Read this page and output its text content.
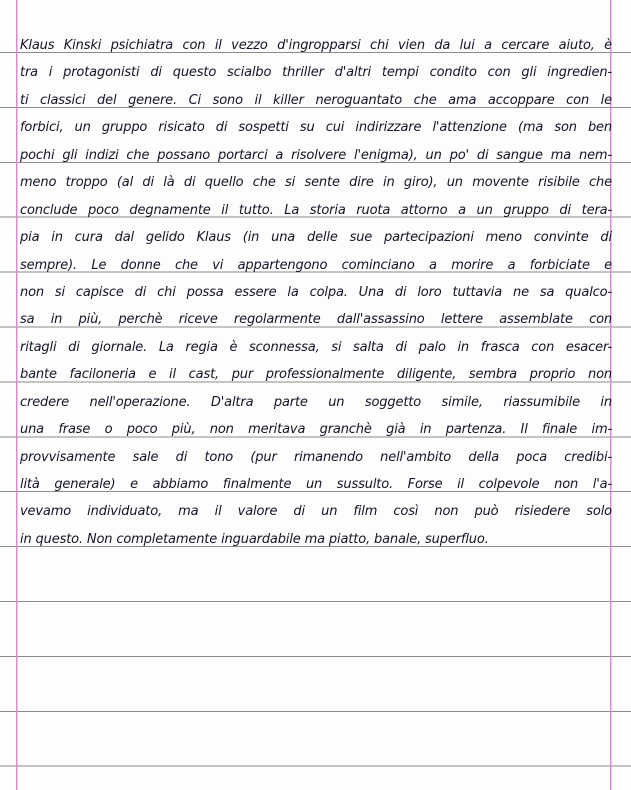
Klaus Kinski psichiatra con il vezzo d'ingropparsi chi vien da lui a cercare aiuto, è
tra i protagonisti di questo scialbo thriller d'altri tempi condito con gli ingredien-
ti classici del genere. Ci sono il killer neroguantato che ama accoppare con le
forbici, un gruppo risicato di sospetti su cui indirizzare l'attenzione (ma son ben
pochi gli indizi che possano portarci a risolvere l'enigma), un po' di sangue ma nem-
meno troppo (al di là di quello che si sente dire in giro), un movente risibile che
conclude poco degnamente il tutto. La storia ruota attorno a un gruppo di tera-
pia in cura dal gelido Klaus (in una delle sue partecipazioni meno convinte di
sempre). Le donne che vi appartengono cominciano a morire a forbiciate e
non si capisce di chi possa essere la colpa. Una di loro tuttavia ne sa qualco-
sa in più, perchè riceve regolarmente dall'assassino lettere assemblate con
ritagli di giornale. La regia è sconnessa, si salta di palo in frasca con esacer-
bante faciloneria e il cast, pur professionalmente diligente, sembra proprio non
credere nell'operazione. D'altra parte un soggetto simile, riassumibile in
una frase o poco più, non meritava granchè già in partenza. Il finale im-
provvisamente sale di tono (pur rimanendo nell'ambito della poca credibi-
lità generale) e abbiamo finalmente un sussulto. Forse il colpevole non l'a-
vevamo individuato, ma il valore di un film così non può risiedere solo
in questo. Non completamente inguardabile ma piatto, banale, superfluo.
